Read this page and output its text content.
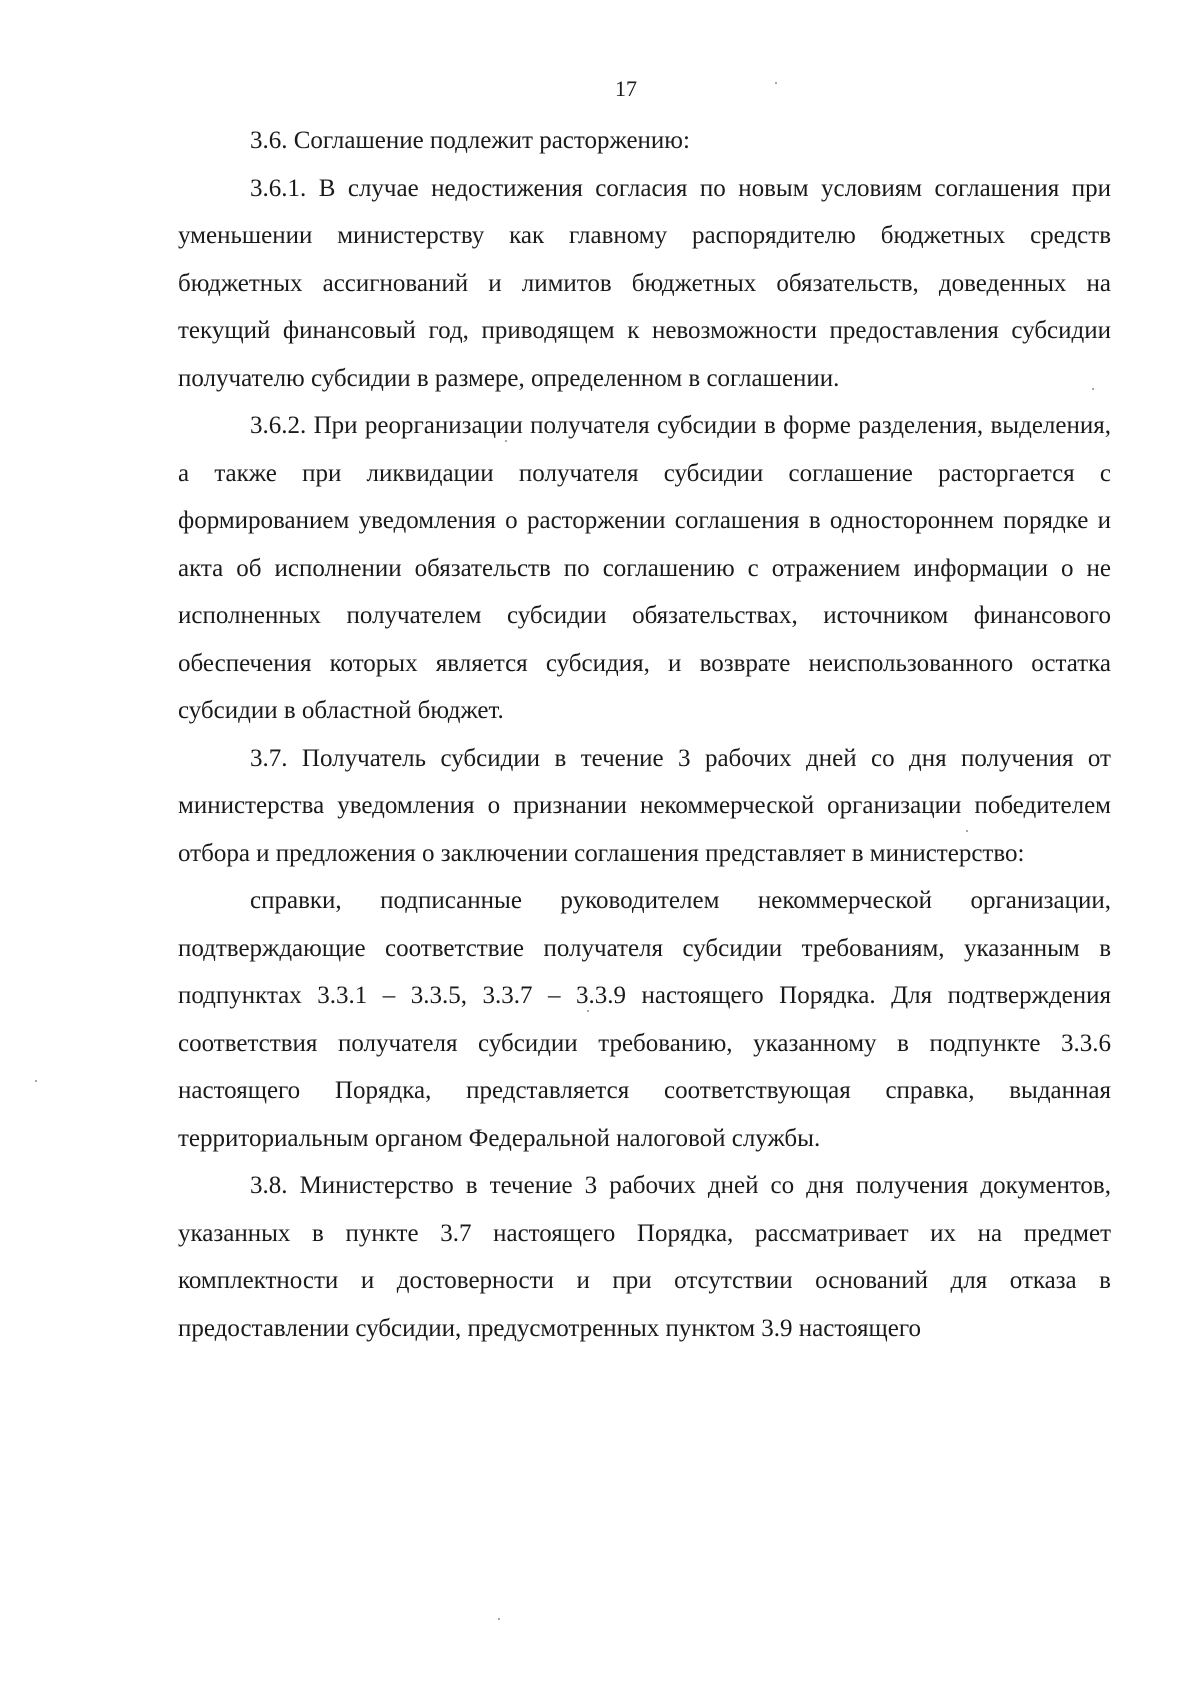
17

3.6. Соглашение подлежит расторжению:

3.6.1. В случае недостижения согласия по новым условиям соглашения при уменьшении министерству как главному распорядителю бюджетных средств бюджетных ассигнований и лимитов бюджетных обязательств, доведенных на текущий финансовый год, приводящем к невозможности предоставления субсидии получателю субсидии в размере, определенном в соглашении.

3.6.2. При реорганизации получателя субсидии в форме разделения, выделения, а также при ликвидации получателя субсидии соглашение расторгается с формированием уведомления о расторжении соглашения в одностороннем порядке и акта об исполнении обязательств по соглашению с отражением информации о не исполненных получателем субсидии обязательствах, источником финансового обеспечения которых является субсидия, и возврате неиспользованного остатка субсидии в областной бюджет.

3.7. Получатель субсидии в течение 3 рабочих дней со дня получения от министерства уведомления о признании некоммерческой организации победителем отбора и предложения о заключении соглашения представляет в министерство:

справки, подписанные руководителем некоммерческой организации, подтверждающие соответствие получателя субсидии требованиям, указанным в подпунктах 3.3.1 – 3.3.5, 3.3.7 – 3.3.9 настоящего Порядка. Для подтверждения соответствия получателя субсидии требованию, указанному в подпункте 3.3.6 настоящего Порядка, представляется соответствующая справка, выданная территориальным органом Федеральной налоговой службы.

3.8. Министерство в течение 3 рабочих дней со дня получения документов, указанных в пункте 3.7 настоящего Порядка, рассматривает их на предмет комплектности и достоверности и при отсутствии оснований для отказа в предоставлении субсидии, предусмотренных пунктом 3.9 настоящего
